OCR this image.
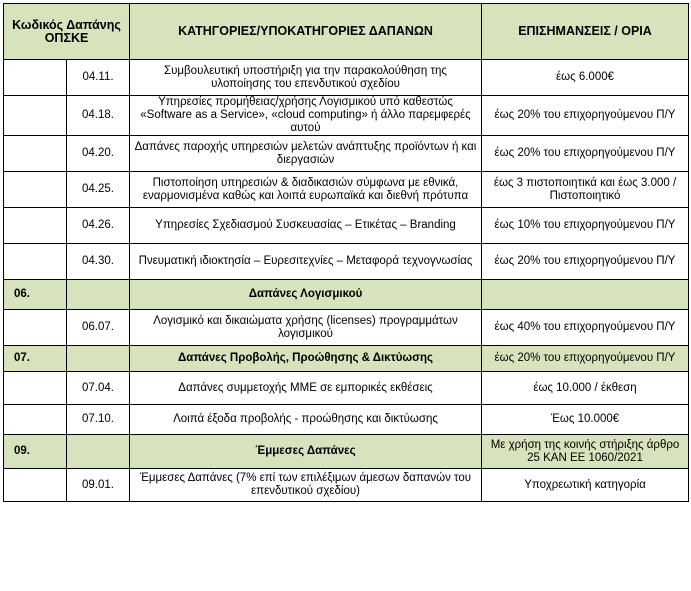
Κωδικός Δαπάνης ΟΠΣΚΕ		ΚΑΤΗΓΟΡΙΕΣ/ΥΠΟΚΑΤΗΓΟΡΙΕΣ ΔΑΠΑΝΩΝ	ΕΠΙΣΗΜΑΝΣΕΙΣ / ΟΡΙΑ
	04.11.	Συμβουλευτική υποστήριξη για την παρακολούθηση της υλοποίησης του επενδυτικού σχεδίου	έως 6.000€
	04.18.	Υπηρεσίες προμήθειας/χρήσης Λογισμικού υπό καθεστώς «Software as a Service», «cloud computing» ή άλλο παρεμφερές αυτού	έως 20% του επιχορηγούμενου Π/Υ
	04.20.	Δαπάνες παροχής υπηρεσιών μελετών ανάπτυξης προϊόντων ή και διεργασιών	έως 20% του επιχορηγούμενου Π/Υ
	04.25.	Πιστοποίηση υπηρεσιών & διαδικασιών σύμφωνα με εθνικά, εναρμονισμένα καθώς και λοιπά ευρωπαϊκά και διεθνή πρότυπα	έως 3 πιστοποιητικά και έως 3.000 / Πιστοποιητικό
	04.26.	Υπηρεσίες Σχεδιασμού Συσκευασίας – Ετικέτας – Branding	έως 10% του επιχορηγούμενου Π/Υ
	04.30.	Πνευματική ιδιοκτησία – Ευρεσιτεχνίες – Μεταφορά τεχνογνωσίας	έως 20% του επιχορηγούμενου Π/Υ
06.		Δαπάνες Λογισμικού	
	06.07.	Λογισμικό και δικαιώματα χρήσης (licenses) προγραμμάτων λογισμικού	έως 40% του επιχορηγούμενου Π/Υ
07.		Δαπάνες Προβολής, Προώθησης & Δικτύωσης	έως 20% του επιχορηγούμενου Π/Υ
	07.04.	Δαπάνες συμμετοχής ΜΜΕ σε εμπορικές εκθέσεις	έως 10.000 / έκθεση
	07.10.	Λοιπά έξοδα προβολής - προώθησης και δικτύωσης	Έως 10.000€
09.		Έμμεσες Δαπάνες	Με χρήση της κοινής στήριξης άρθρο 25 ΚΑΝ ΕΕ 1060/2021
	09.01.	Έμμεσες Δαπάνες (7% επί των επιλέξιμων άμεσων δαπανών του επενδυτικού σχεδίου)	Υποχρεωτική κατηγορία
